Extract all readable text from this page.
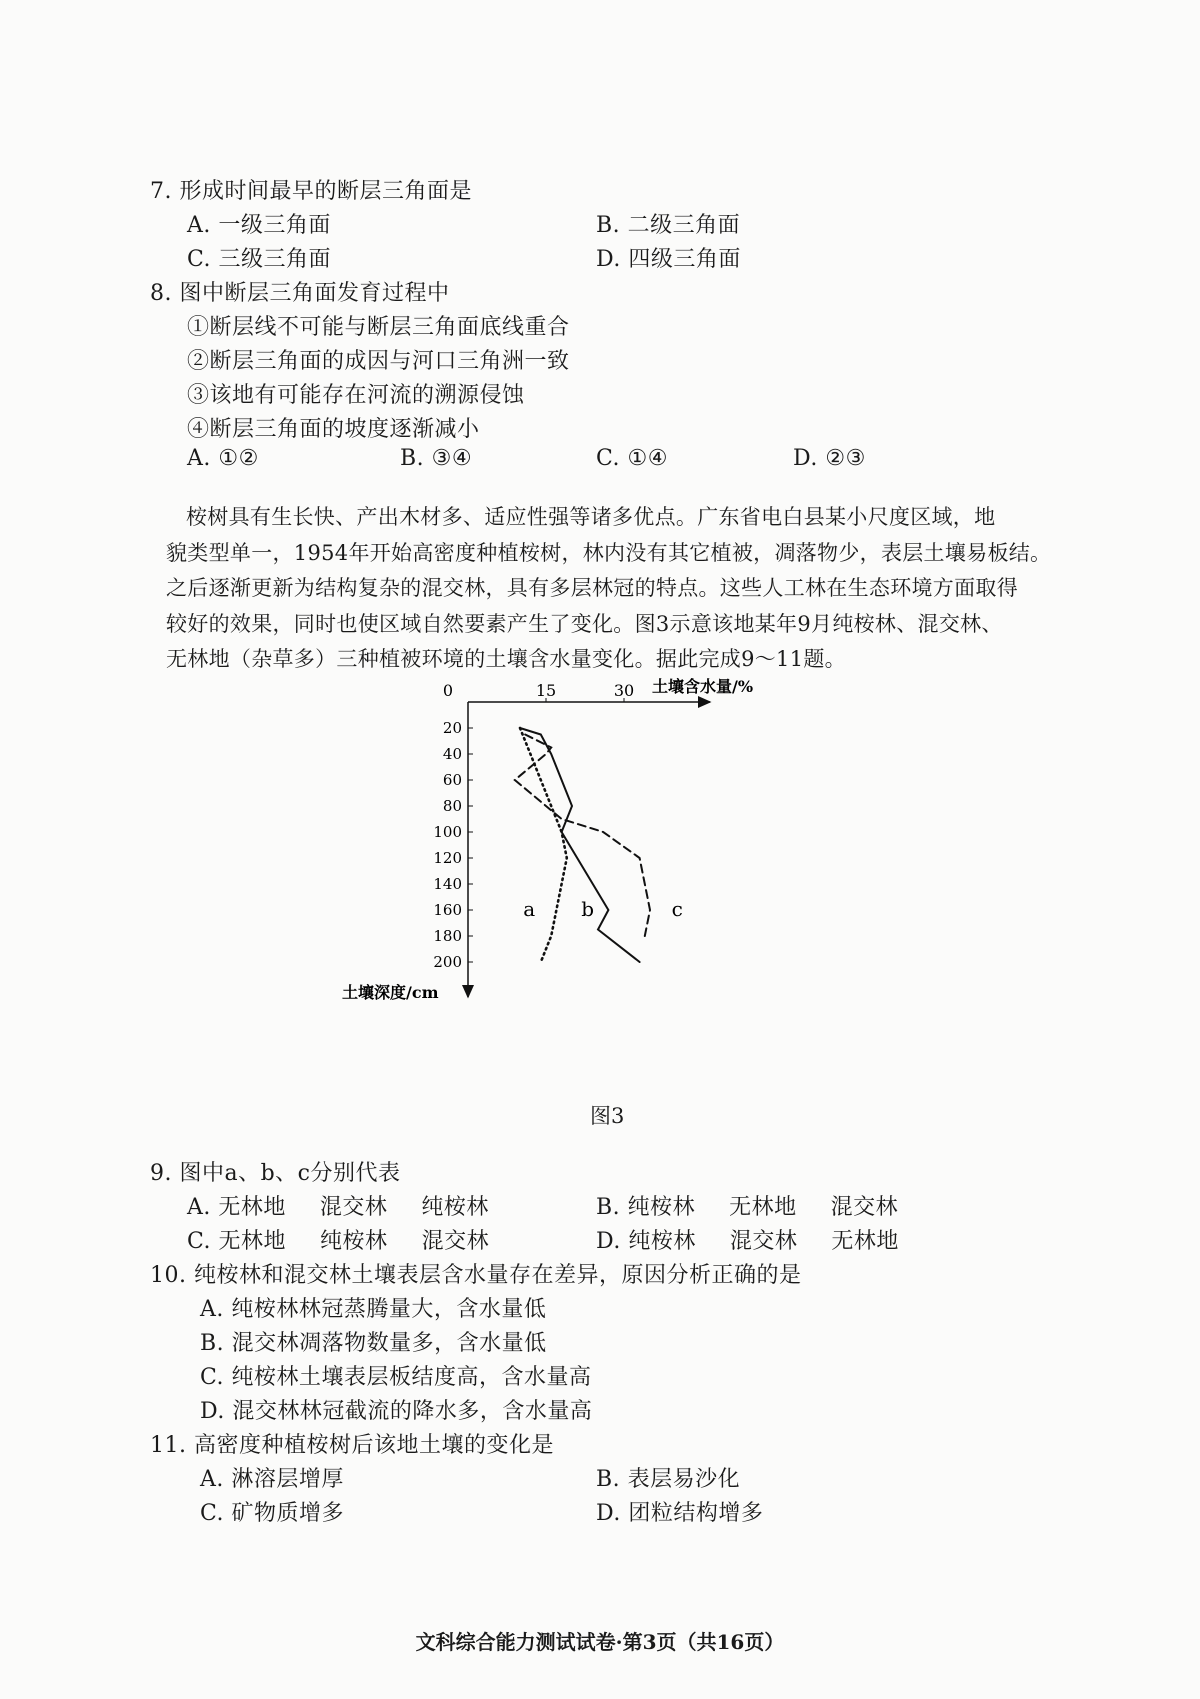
7. 形成时间最早的断层三角面是
A. 一级三角面	B. 二级三角面
C. 三级三角面	D. 四级三角面
8. 图中断层三角面发育过程中
①断层线不可能与断层三角面底线重合
②断层三角面的成因与河口三角洲一致
③该地有可能存在河流的溯源侵蚀
④断层三角面的坡度逐渐减小
A. ①②	B. ③④	C. ①④	D. ②③
桉树具有生长快、产出木材多、适应性强等诸多优点。广东省电白县某小尺度区域，地
貌类型单一，1954年开始高密度种植桉树，林内没有其它植被，凋落物少，表层土壤易板结。
之后逐渐更新为结构复杂的混交林，具有多层林冠的特点。这些人工林在生态环境方面取得
较好的效果，同时也使区域自然要素产生了变化。图3示意该地某年9月纯桉林、混交林、
无林地（杂草多）三种植被环境的土壤含水量变化。据此完成9～11题。
0	15	30
20
40
60
80
100
120
140
160
180
200
土壤含水量/%
土壤深度/cm
a b	c
图3
9. 图中a、b、c分别代表
A. 无林地 混交林 纯桉林	B. 纯桉林 无林地 混交林
C. 无林地 纯桉林 混交林	D. 纯桉林 混交林 无林地
10. 纯桉林和混交林土壤表层含水量存在差异，原因分析正确的是
A. 纯桉林林冠蒸腾量大，含水量低
B. 混交林凋落物数量多，含水量低
C. 纯桉林土壤表层板结度高，含水量高
D. 混交林林冠截流的降水多，含水量高
11. 高密度种植桉树后该地土壤的变化是
A. 淋溶层增厚	B. 表层易沙化
C. 矿物质增多	D. 团粒结构增多
文科综合能力测试试卷·第3页（共16页）
